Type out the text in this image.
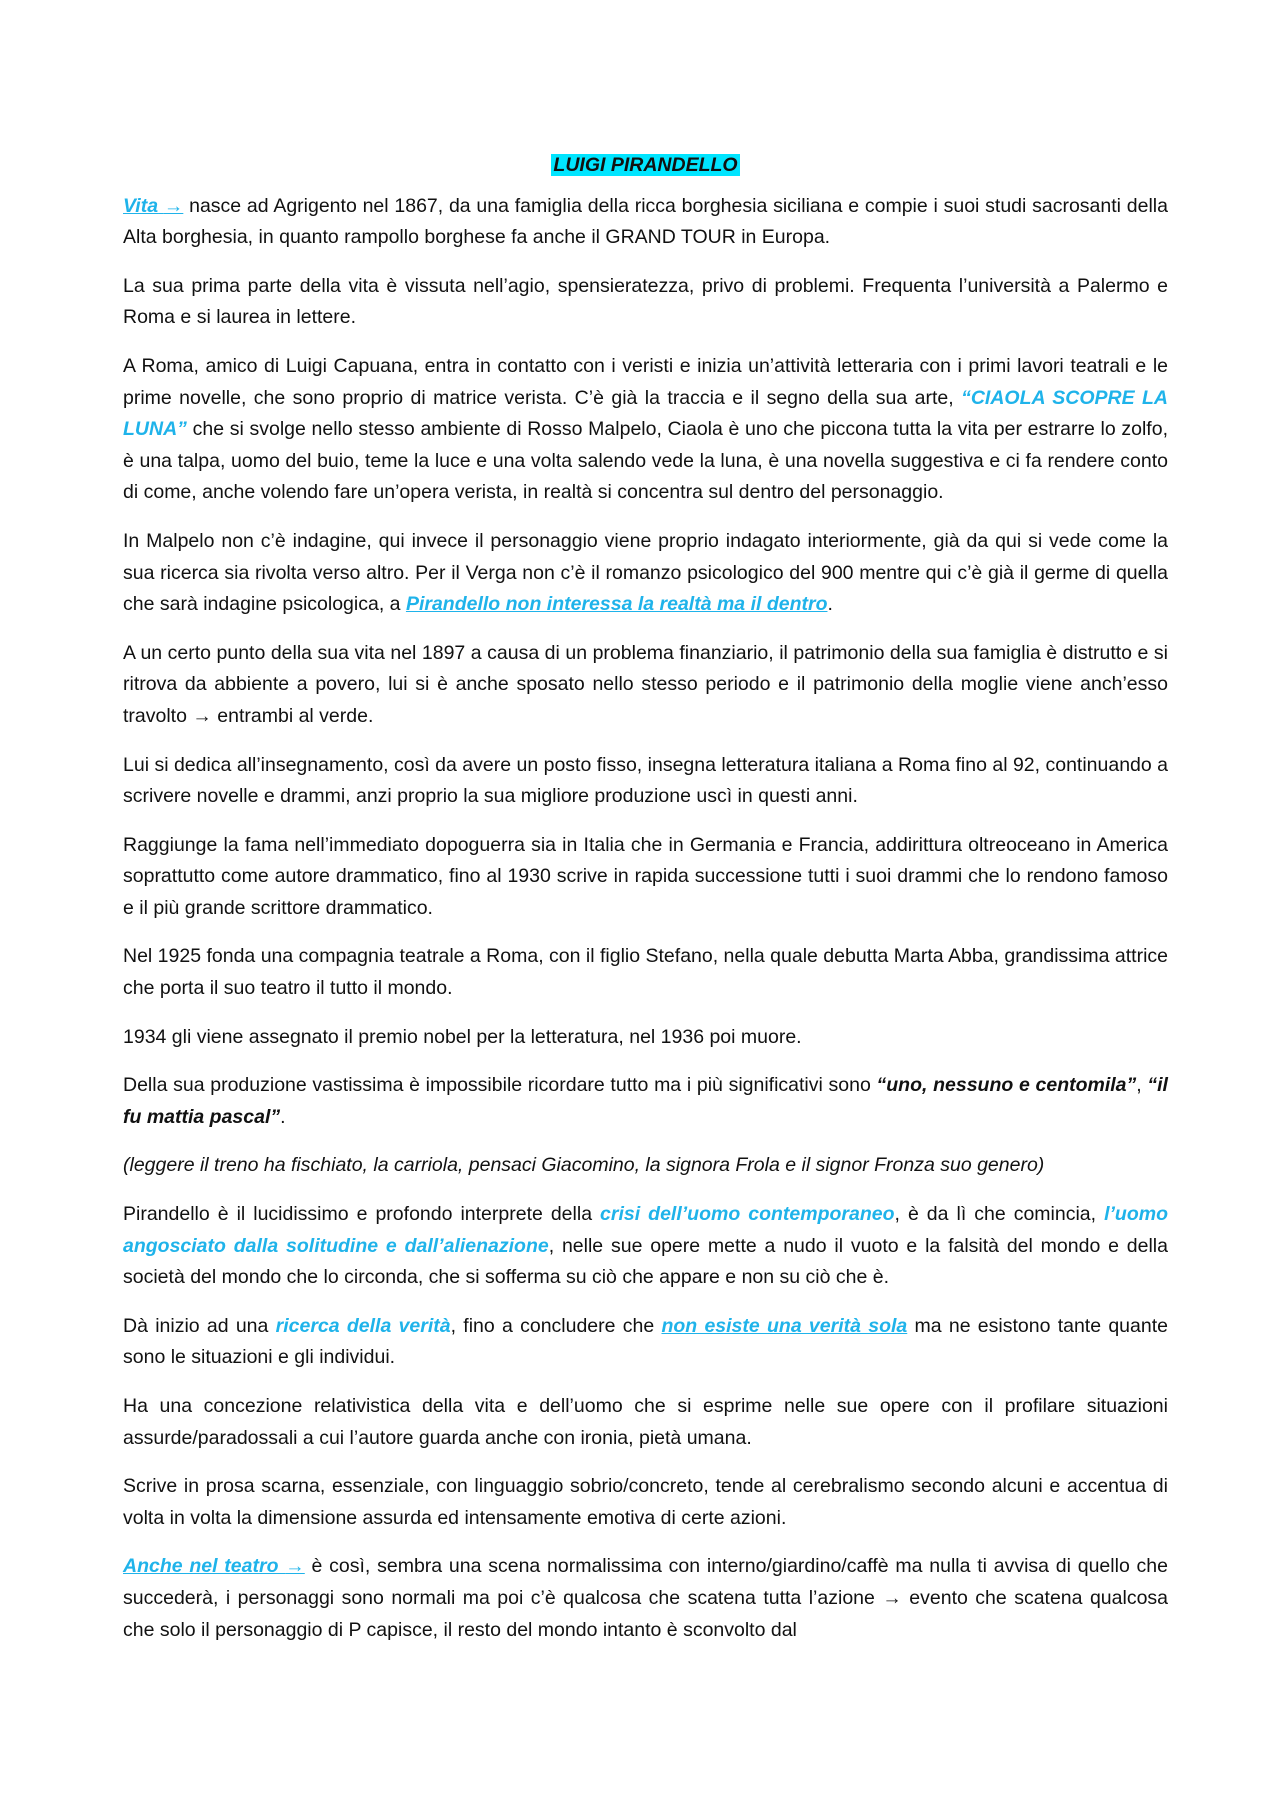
LUIGI PIRANDELLO

Vita → nasce ad Agrigento nel 1867, da una famiglia della ricca borghesia siciliana e compie i suoi studi sacrosanti della Alta borghesia, in quanto rampollo borghese fa anche il GRAND TOUR in Europa.

La sua prima parte della vita è vissuta nell’agio, spensieratezza, privo di problemi. Frequenta l’università a Palermo e Roma e si laurea in lettere.

A Roma, amico di Luigi Capuana, entra in contatto con i veristi e inizia un’attività letteraria con i primi lavori teatrali e le prime novelle, che sono proprio di matrice verista. C’è già la traccia e il segno della sua arte, “CIAOLA SCOPRE LA LUNA” che si svolge nello stesso ambiente di Rosso Malpelo, Ciaola è uno che piccona tutta la vita per estrarre lo zolfo, è una talpa, uomo del buio, teme la luce e una volta salendo vede la luna, è una novella suggestiva e ci fa rendere conto di come, anche volendo fare un’opera verista, in realtà si concentra sul dentro del personaggio.

In Malpelo non c’è indagine, qui invece il personaggio viene proprio indagato interiormente, già da qui si vede come la sua ricerca sia rivolta verso altro. Per il Verga non c’è il romanzo psicologico del 900 mentre qui c’è già il germe di quella che sarà indagine psicologica, a Pirandello non interessa la realtà ma il dentro.

A un certo punto della sua vita nel 1897 a causa di un problema finanziario, il patrimonio della sua famiglia è distrutto e si ritrova da abbiente a povero, lui si è anche sposato nello stesso periodo e il patrimonio della moglie viene anch’esso travolto → entrambi al verde.

Lui si dedica all’insegnamento, così da avere un posto fisso, insegna letteratura italiana a Roma fino al 92, continuando a scrivere novelle e drammi, anzi proprio la sua migliore produzione uscì in questi anni.

Raggiunge la fama nell’immediato dopoguerra sia in Italia che in Germania e Francia, addirittura oltreoceano in America soprattutto come autore drammatico, fino al 1930 scrive in rapida successione tutti i suoi drammi che lo rendono famoso e il più grande scrittore drammatico.

Nel 1925 fonda una compagnia teatrale a Roma, con il figlio Stefano, nella quale debutta Marta Abba, grandissima attrice che porta il suo teatro il tutto il mondo.

1934 gli viene assegnato il premio nobel per la letteratura, nel 1936 poi muore.

Della sua produzione vastissima è impossibile ricordare tutto ma i più significativi sono “uno, nessuno e centomila”, “il fu mattia pascal”.

(leggere il treno ha fischiato, la carriola, pensaci Giacomino, la signora Frola e il signor Fronza suo genero)

Pirandello è il lucidissimo e profondo interprete della crisi dell’uomo contemporaneo, è da lì che comincia, l’uomo angosciato dalla solitudine e dall’alienazione, nelle sue opere mette a nudo il vuoto e la falsità del mondo e della società del mondo che lo circonda, che si sofferma su ciò che appare e non su ciò che è.

Dà inizio ad una ricerca della verità, fino a concludere che non esiste una verità sola ma ne esistono tante quante sono le situazioni e gli individui.

Ha una concezione relativistica della vita e dell’uomo che si esprime nelle sue opere con il profilare situazioni assurde/paradossali a cui l’autore guarda anche con ironia, pietà umana.

Scrive in prosa scarna, essenziale, con linguaggio sobrio/concreto, tende al cerebralismo secondo alcuni e accentua di volta in volta la dimensione assurda ed intensamente emotiva di certe azioni.

Anche nel teatro → è così, sembra una scena normalissima con interno/giardino/caffè ma nulla ti avvisa di quello che succederà, i personaggi sono normali ma poi c’è qualcosa che scatena tutta l’azione → evento che scatena qualcosa che solo il personaggio di P capisce, il resto del mondo intanto è sconvolto dal
